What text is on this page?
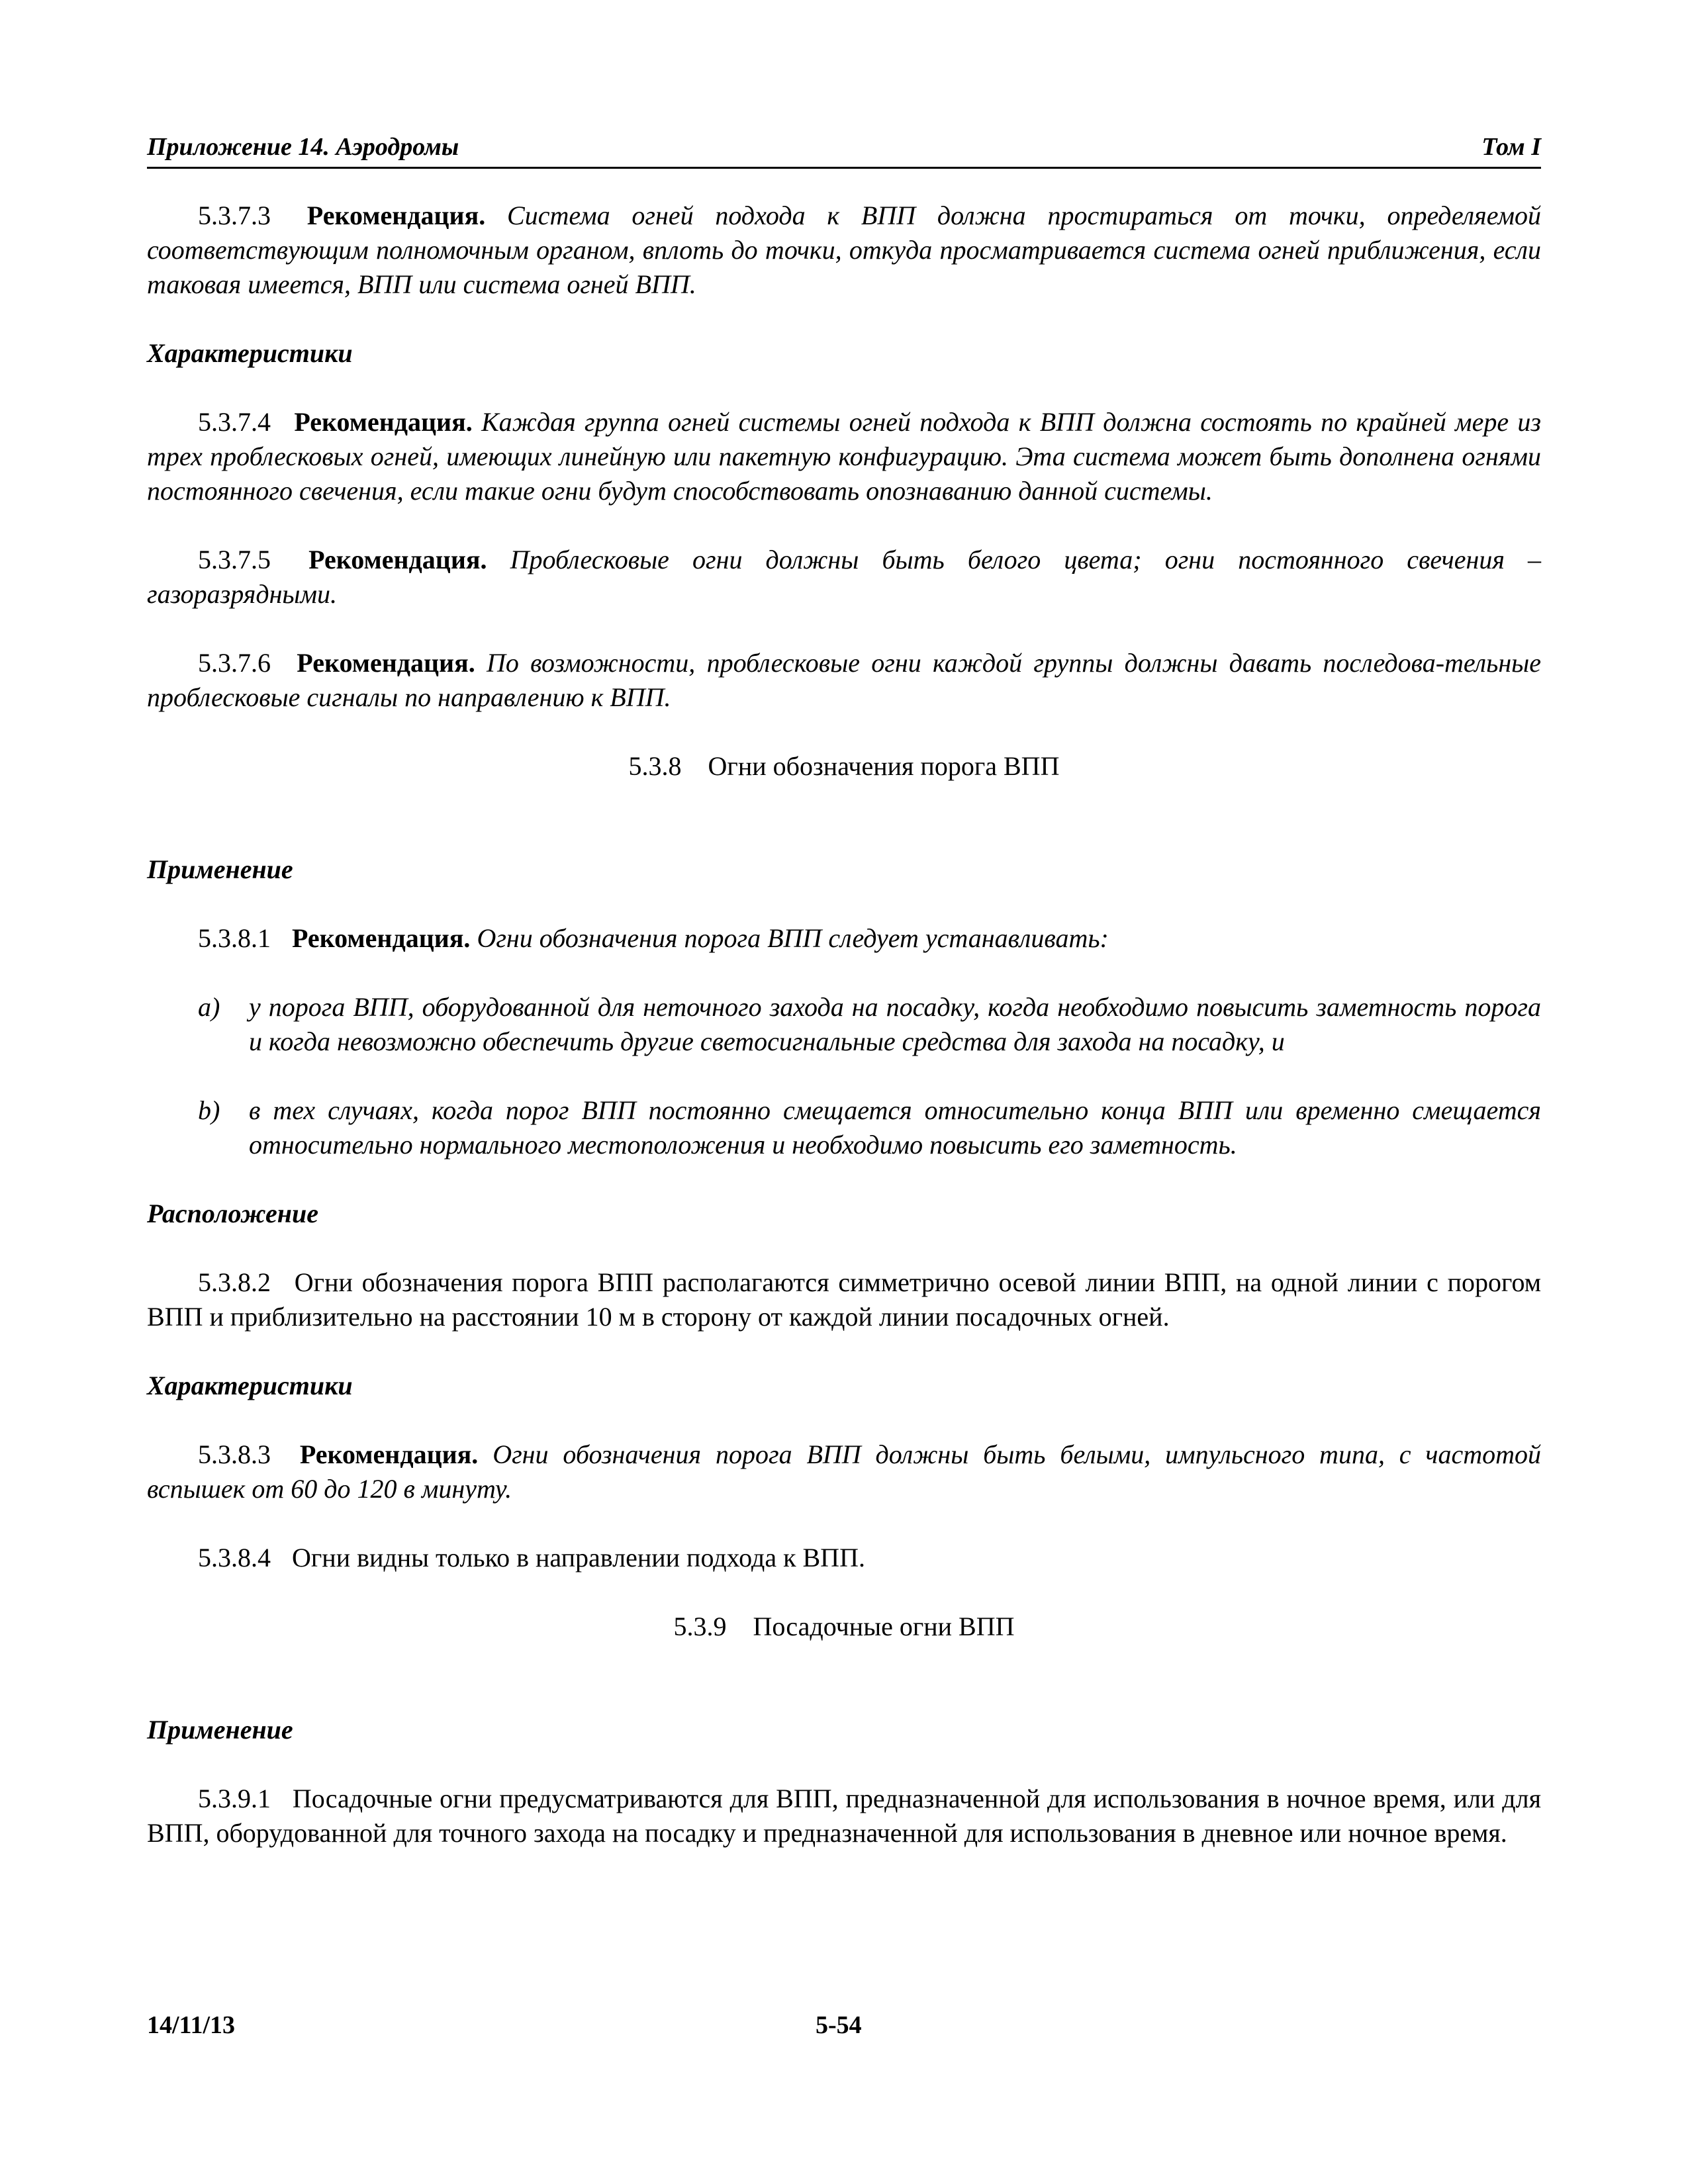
Приложение 14. Аэродромы	Том I

5.3.7.3 Рекомендация. Система огней подхода к ВПП должна простираться от точки, определяемой соответствующим полномочным органом, вплоть до точки, откуда просматривается система огней приближения, если таковая имеется, ВПП или система огней ВПП.

Характеристики

5.3.7.4 Рекомендация. Каждая группа огней системы огней подхода к ВПП должна состоять по крайней мере из трех проблесковых огней, имеющих линейную или пакетную конфигурацию. Эта система может быть дополнена огнями постоянного свечения, если такие огни будут способствовать опознаванию данной системы.

5.3.7.5 Рекомендация. Проблесковые огни должны быть белого цвета; огни постоянного свечения – газоразрядными.

5.3.7.6 Рекомендация. По возможности, проблесковые огни каждой группы должны давать последова-тельные проблесковые сигналы по направлению к ВПП.

5.3.8 Огни обозначения порога ВПП
Применение

5.3.8.1 Рекомендация. Огни обозначения порога ВПП следует устанавливать:

a)	у порога ВПП, оборудованной для неточного захода на посадку, когда необходимо повысить заметность порога и когда невозможно обеспечить другие светосигнальные средства для захода на посадку, и
b)	в тех случаях, когда порог ВПП постоянно смещается относительно конца ВПП или временно смещается относительно нормального местоположения и необходимо повысить его заметность.
Расположение

5.3.8.2 Огни обозначения порога ВПП располагаются симметрично осевой линии ВПП, на одной линии с порогом ВПП и приблизительно на расстоянии 10 м в сторону от каждой линии посадочных огней.

Характеристики

5.3.8.3 Рекомендация. Огни обозначения порога ВПП должны быть белыми, импульсного типа, с частотой вспышек от 60 до 120 в минуту.

5.3.8.4 Огни видны только в направлении подхода к ВПП.

5.3.9 Посадочные огни ВПП
Применение

5.3.9.1 Посадочные огни предусматриваются для ВПП, предназначенной для использования в ночное время, или для ВПП, оборудованной для точного захода на посадку и предназначенной для использования в дневное или ночное время.

14/11/13	5-54
